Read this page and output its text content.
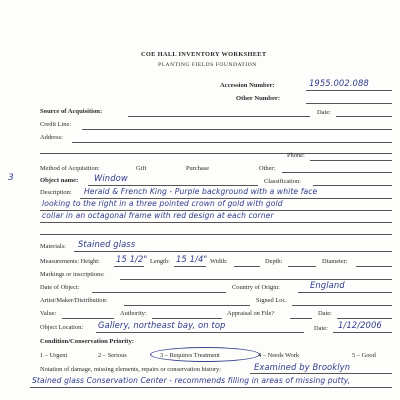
COE HALL INVENTORY WORKSHEET
PLANTING FIELDS FOUNDATION
Accession Number:	1955.002.088
Other Number:
Source of Acquisition:	Date:
Credit Line:
Address:
Phone:
Method of Acquisition:	Gift	Purchase	Other:
3	Object name: Window	Classification:
Description: Herald & French King - Purple background with a white face
looking to the right in a three pointed crown of gold with gold
collar in an octagonal frame with red design at each corner
Materials: Stained glass
Measurements: Height: 15 1/2" Length: 15 1/4" Width:	Depth:	Diameter:
Markings or inscriptions:
Date of Object:	Country of Origin:	England
Artist/Maker/Distribution:	Signed Loc.
Value:	Authority:	Appraisal on File?	Date:
Object Location: Gallery, northeast bay, on top	Date: 1/12/2006
Condition/Conservation Priority:
1 – Urgent	2 – Serious	3 – Requires Treatment	4 – Needs Work	5 – Good
Notation of damage, missing elements, repairs or conservation history:	Examined by Brooklyn
Stained glass Conservation Center - recommends filling in areas of missing putty,
